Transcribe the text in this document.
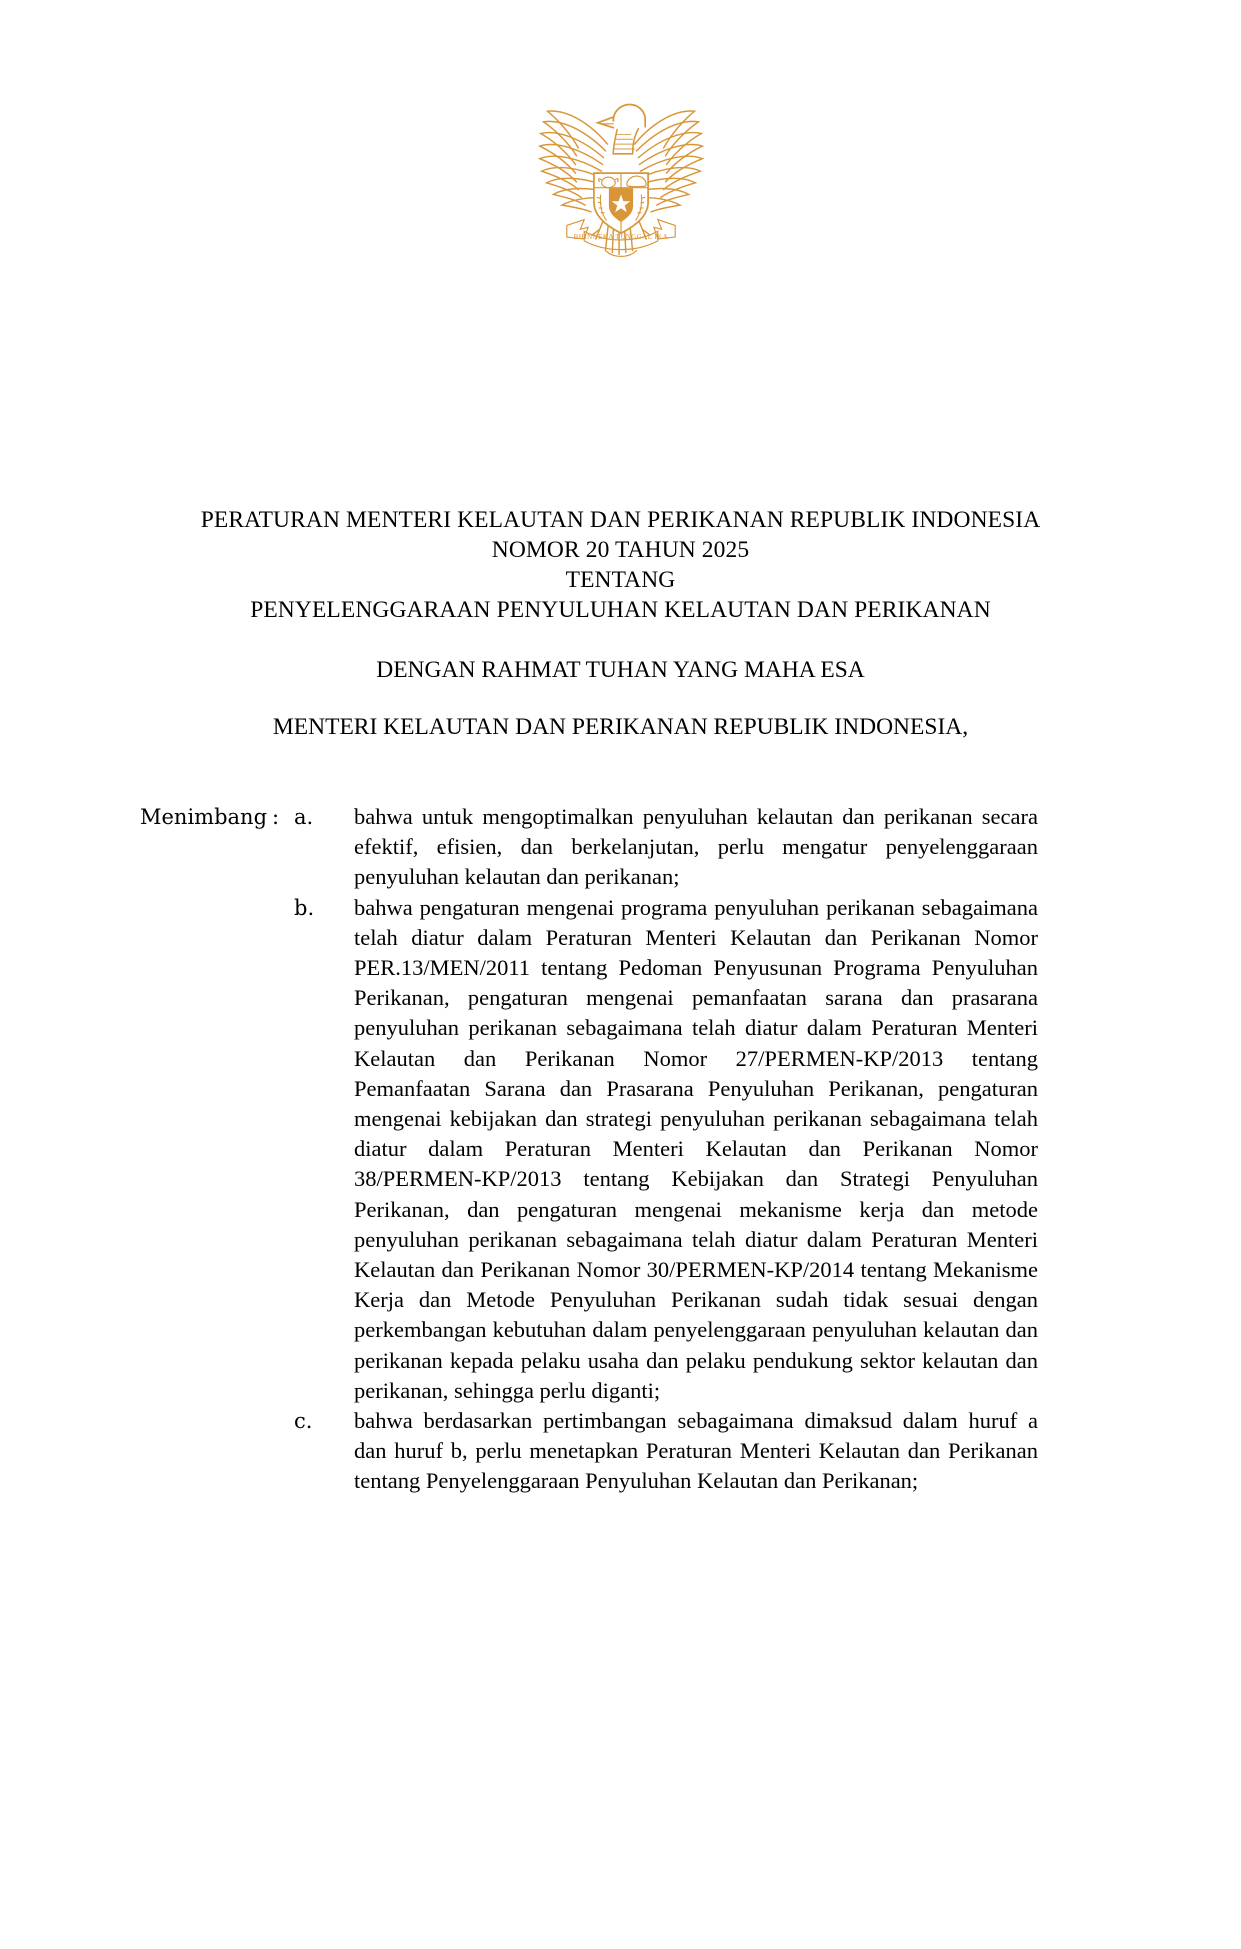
BHINNEKA TUNGGAL IKA
PERATURAN MENTERI KELAUTAN DAN PERIKANAN REPUBLIK INDONESIA
NOMOR 20 TAHUN 2025
TENTANG
PENYELENGGARAAN PENYULUHAN KELAUTAN DAN PERIKANAN
DENGAN RAHMAT TUHAN YANG MAHA ESA
MENTERI KELAUTAN DAN PERIKANAN REPUBLIK INDONESIA,
Menimbang : a.	bahwa untuk mengoptimalkan penyuluhan kelautan dan perikanan secara efektif, efisien, dan berkelanjutan, perlu mengatur penyelenggaraan penyuluhan kelautan dan perikanan;
b.	bahwa pengaturan mengenai programa penyuluhan perikanan sebagaimana telah diatur dalam Peraturan Menteri Kelautan dan Perikanan Nomor PER.13/MEN/2011 tentang Pedoman Penyusunan Programa Penyuluhan Perikanan, pengaturan mengenai pemanfaatan sarana dan prasarana penyuluhan perikanan sebagaimana telah diatur dalam Peraturan Menteri Kelautan dan Perikanan Nomor 27/PERMEN-KP/2013 tentang Pemanfaatan Sarana dan Prasarana Penyuluhan Perikanan, pengaturan mengenai kebijakan dan strategi penyuluhan perikanan sebagaimana telah diatur dalam Peraturan Menteri Kelautan dan Perikanan Nomor 38/PERMEN-KP/2013 tentang Kebijakan dan Strategi Penyuluhan Perikanan, dan pengaturan mengenai mekanisme kerja dan metode penyuluhan perikanan sebagaimana telah diatur dalam Peraturan Menteri Kelautan dan Perikanan Nomor 30/PERMEN-KP/2014 tentang Mekanisme Kerja dan Metode Penyuluhan Perikanan sudah tidak sesuai dengan perkembangan kebutuhan dalam penyelenggaraan penyuluhan kelautan dan perikanan kepada pelaku usaha dan pelaku pendukung sektor kelautan dan perikanan, sehingga perlu diganti;
c.	bahwa berdasarkan pertimbangan sebagaimana dimaksud dalam huruf a dan huruf b, perlu menetapkan Peraturan Menteri Kelautan dan Perikanan tentang Penyelenggaraan Penyuluhan Kelautan dan Perikanan;
